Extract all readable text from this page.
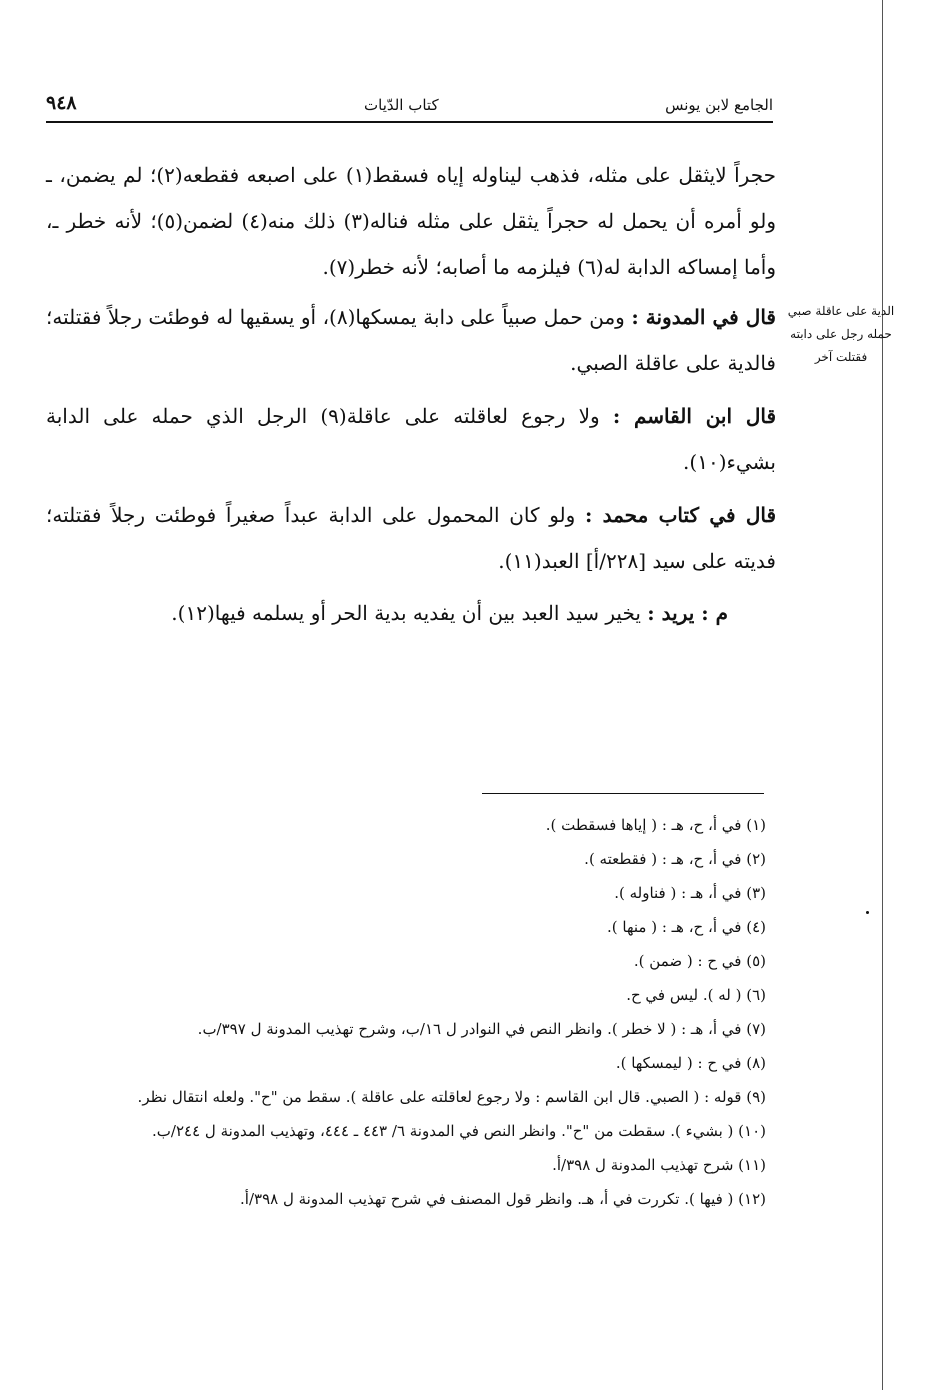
٩٤٨	كتاب الدّيات	الجامع لابن يونس

حجراً لايثقل على مثله، فذهب ليناوله إياه فسقط(١) على اصبعه فقطعه(٢)؛ لم يضمن، ـ ولو أمره أن يحمل له حجراً يثقل على مثله فناله(٣) ذلك منه(٤) لضمن(٥)؛ لأنه خطر ـ، وأما إمساكه الدابة له(٦) فيلزمه ما أصابه؛ لأنه خطر(٧).

قال في المدونة : ومن حمل صبياً على دابة يمسكها(٨)، أو يسقيها له فوطئت رجلاً فقتلته؛ فالدية على عاقلة الصبي.

قال ابن القاسم : ولا رجوع لعاقلته على عاقلة(٩) الرجل الذي حمله على الدابة بشيء(١٠).

قال في كتاب محمد : ولو كان المحمول على الدابة عبداً صغيراً فوطئت رجلاً فقتلته؛ فديته على سيد [٢٢٨/أ] العبد(١١).

م : يريد : يخير سيد العبد بين أن يفديه بدية الحر أو يسلمه فيها(١٢).

الدية على عاقلة صبي
حمله رجل على دابته
فقتلت آخر
(١) في أ، ح، هـ : ( إياها فسقطت ).
(٢) في أ، ح، هـ : ( فقطعته ).
(٣) في أ، هـ : ( فناوله ).
(٤) في أ، ح، هـ : ( منها ).
(٥) في ح : ( ضمن ).
(٦) ( له ). ليس في ح.
(٧) في أ، هـ : ( لا خطر ). وانظر النص في النوادر ل ١٦/ب، وشرح تهذيب المدونة ل ٣٩٧/ب.
(٨) في ح : ( ليمسكها ).
(٩) قوله : ( الصبي. قال ابن القاسم : ولا رجوع لعاقلته على عاقلة ). سقط من "ح". ولعله انتقال نظر.
(١٠) ( بشيء ). سقطت من "ح". وانظر النص في المدونة ٦/ ٤٤٣ ـ ٤٤٤، وتهذيب المدونة ل ٢٤٤/ب.
(١١) شرح تهذيب المدونة ل ٣٩٨/أ.
(١٢) ( فيها ). تكررت في أ، هـ. وانظر قول المصنف في شرح تهذيب المدونة ل ٣٩٨/أ.
